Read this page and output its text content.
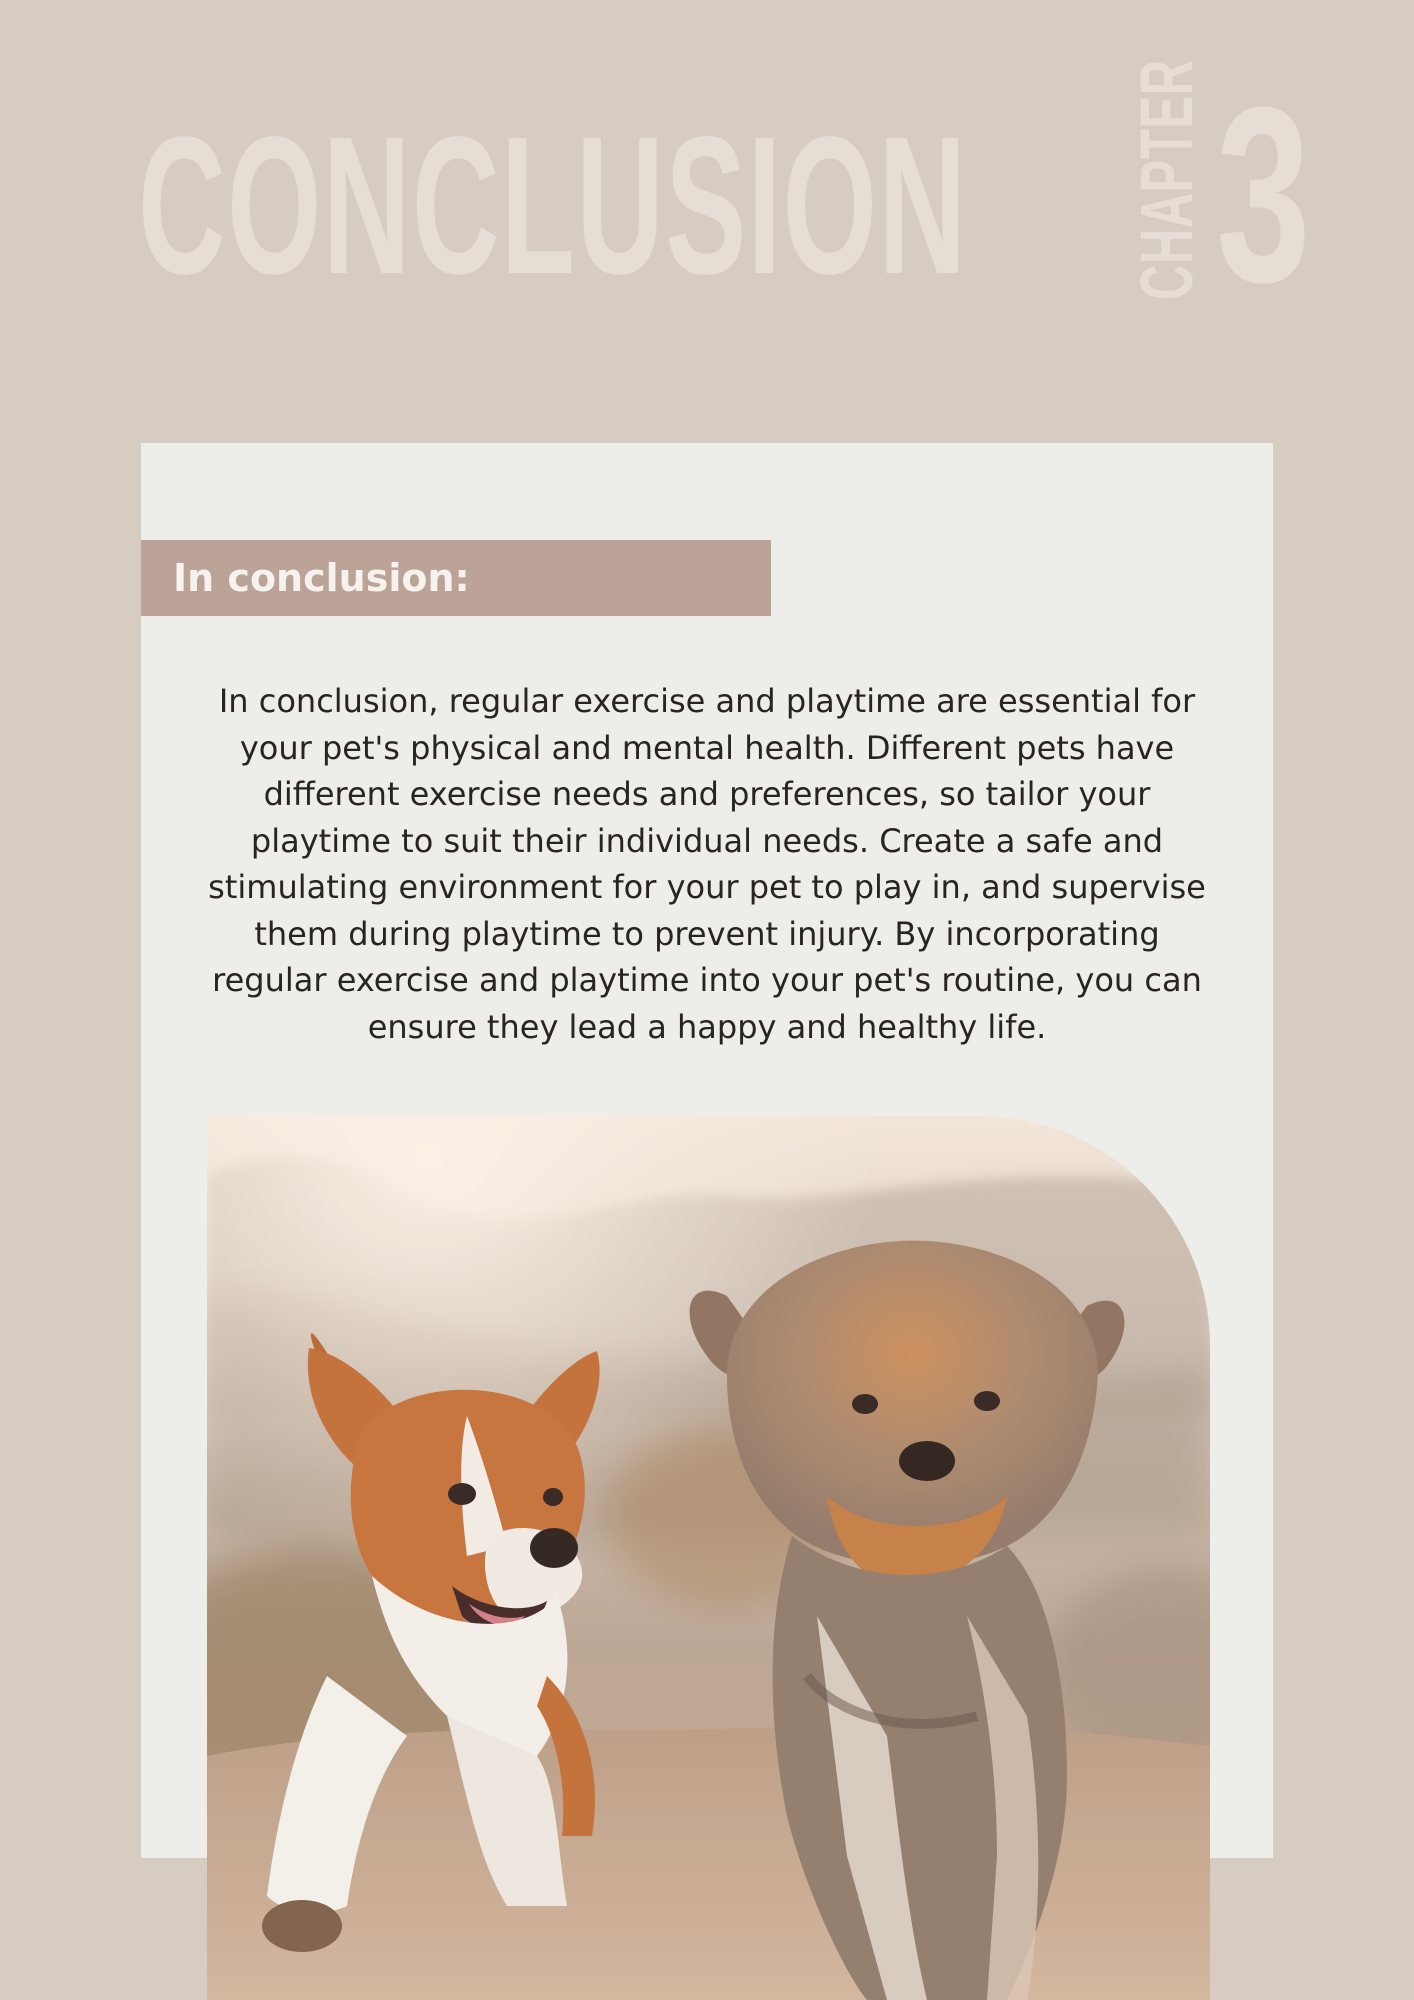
CONCLUSION CHAPTER 3
In conclusion:

In conclusion, regular exercise and playtime are essential for your pet's physical and mental health. Different pets have different exercise needs and preferences, so tailor your playtime to suit their individual needs. Create a safe and stimulating environment for your pet to play in, and supervise them during playtime to prevent injury. By incorporating regular exercise and playtime into your pet's routine, you can ensure they lead a happy and healthy life.
